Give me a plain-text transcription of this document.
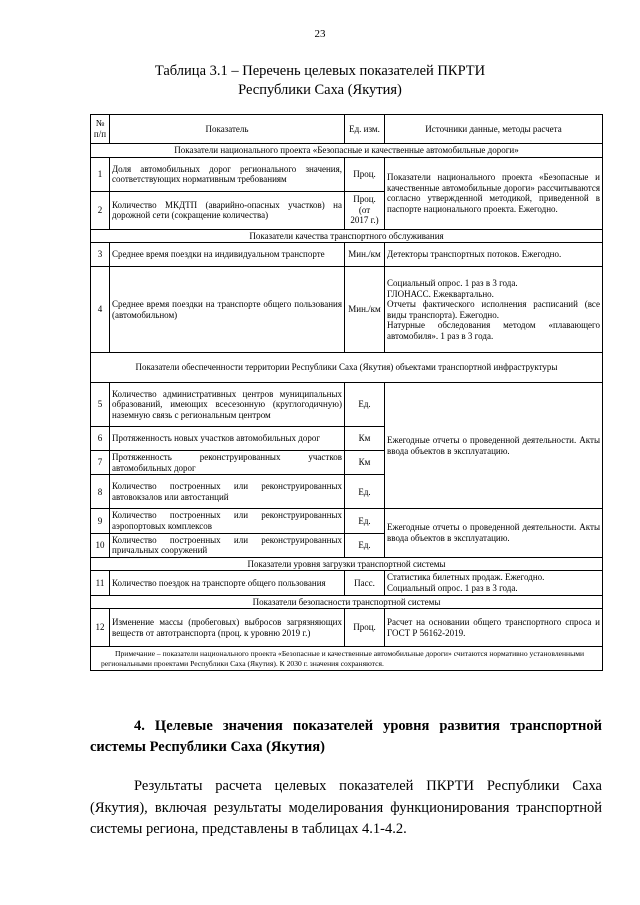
23
Таблица 3.1 – Перечень целевых показателей ПКРТИ
Республики Саха (Якутия)
№
п/п	Показатель	Ед. изм.	Источники данные, методы расчета
Показатели национального проекта «Безопасные и качественные автомобильные дороги»			
1	Доля автомобильных дорог регионального значения, соответствующих нормативным требованиям	Проц.	Показатели национального проекта «Безопасные и качественные автомобильные дороги» рассчитываются согласно утвержденной методикой, приведенной в паспорте национального проекта. Ежегодно.
2	Количество МКДТП (аварийно-опасных участков) на дорожной сети (сокращение количества)	Проц.
(от
2017 г.)	

Показатели качества транспортного обслуживания			
3	Среднее время поездки на индивидуальном транспорте	Мин./км	Детекторы транспортных потоков. Ежегодно.
4	Среднее время поездки на транспорте общего пользования (автомобильном)	Мин./км	Социальный опрос. 1 раз в 3 года.
ГЛОНАСС. Ежеквартально.
Отчеты фактического исполнения расписаний (все виды транспорта). Ежегодно.
Натурные обследования методом «плавающего автомобиля». 1 раз в 3 года.

Показатели обеспеченности территории Республики Саха (Якутия) объектами транспортной инфраструктуры			
5	Количество административных центров муниципальных образований, имеющих всесезонную (круглогодичную) наземную связь с региональным центром	Ед.	Ежегодные отчеты о проведенной деятельности. Акты ввода объектов в эксплуатацию.
6	Протяженность новых участков автомобильных дорог	Км	
7	Протяженность реконструированных участков автомобильных дорог	Км	
8	Количество построенных или реконструированных автовокзалов или автостанций	Ед.	
9	Количество построенных или реконструированных аэропортовых комплексов	Ед.	Ежегодные отчеты о проведенной деятельности. Акты ввода объектов в эксплуатацию.
10	Количество построенных или реконструированных причальных сооружений	Ед.	
Показатели уровня загрузки транспортной системы			
11	Количество поездок на транспорте общего пользования	Пасс.	Статистика билетных продаж. Ежегодно.
Социальный опрос. 1 раз в 3 года.

Показатели безопасности транспортной системы			
12	Изменение массы (пробеговых) выбросов загрязняющих веществ от автотранспорта (проц. к уровню 2019 г.)	Проц.	Расчет на основании общего транспортного спроса и ГОСТ Р 56162-2019.
Примечание – показатели национального проекта «Безопасные и качественные автомобильные дороги» считаются нормативно установленными региональными проектами Республики Саха (Якутия). К 2030 г. значения сохраняются.			
4. Целевые значения показателей уровня развития транспортной системы Республики Саха (Якутия)
Результаты расчета целевых показателей ПКРТИ Республики Саха (Якутия), включая результаты моделирования функционирования транспортной системы региона, представлены в таблицах 4.1-4.2.
